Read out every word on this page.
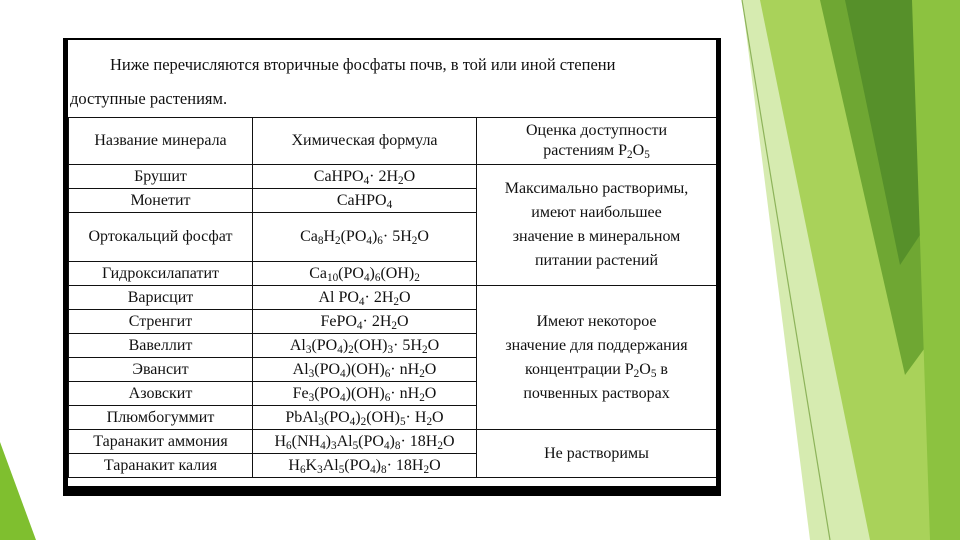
Ниже перечисляются вторичные фосфаты почв, в той или иной степени
доступные растениям.
Название минерала	Химическая формула	Оценка доступности
растениям $P_2O_5$
Брушит	CaHPO$_4$· $2H_2O$	Максимально растворимы,
имеют наибольшее
значение в минеральном
питании растений

Монетит	CaHPO$_4$
Ортокальций фосфат	$Ca_8H_2(PO_4)_6\cdot 5H_2O$	
Гидроксилапатит	$Ca_{10}(PO_4)_6(OH)_2$
Варисцит	Al $PO_4\cdot 2H_2O$	Имеют некоторое
значение для поддержания
концентрации $P_2O_5$ в
почвенных растворах
Стренгит	FePO$_4$· $2H_2O$	
Вавеллит	$Al_3(PO_4)_2(OH)_3\cdot 5H_2O$	
Эвансит	$Al_3(PO_4)(OH)_6\cdot nH_2O$	
Азовскит	$Fe_3(PO_4)(OH)_6\cdot nH_2O$	
Плюмбогуммит	$PbAl_3(PO_4)_2(OH)_5\cdot H_2O$	
Таранакит аммония	$H_6(NH_4)_3Al_5(PO_4)_8\cdot 18H_2O$	Не растворимы

Таранакит калия	$H_6K_3Al_5(PO_4)_8\cdot 18H_2O$	
